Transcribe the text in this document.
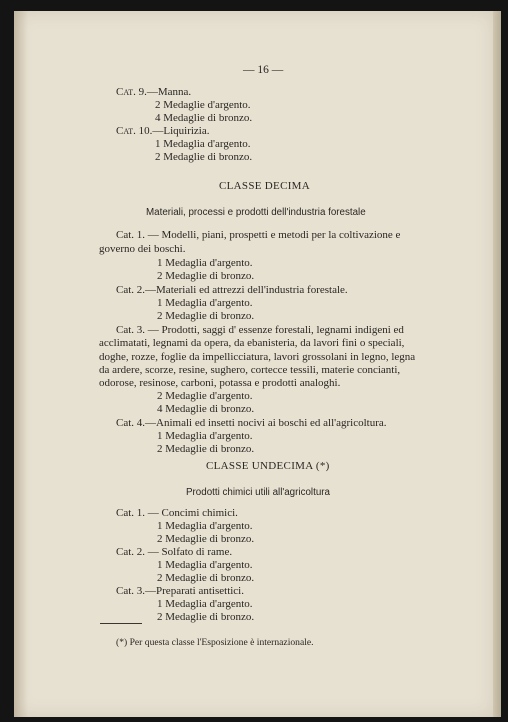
— 16 —
Cat. 9.—Manna.
2 Medaglie d'argento.
4 Medaglie di bronzo.
Cat. 10.—Liquirizia.
1 Medaglia d'argento.
2 Medaglie di bronzo.
CLASSE DECIMA
Materiali, processi e prodotti dell'industria forestale
Cat. 1. — Modelli, piani, prospetti e metodi per la coltivazione e
governo dei boschi.
1 Medaglia d'argento.
2 Medaglie di bronzo.
Cat. 2.—Materiali ed attrezzi dell'industria forestale.
1 Medaglia d'argento.
2 Medaglie di bronzo.
Cat. 3. — Prodotti, saggi d' essenze forestali, legnami indigeni ed
acclimatati, legnami da opera, da ebanisteria, da lavori fini o speciali,
doghe, rozze, foglie da impellicciatura, lavori grossolani in legno, legna
da ardere, scorze, resine, sughero, cortecce tessili, materie concianti,
odorose, resinose, carboni, potassa e prodotti analoghi.
2 Medaglie d'argento.
4 Medaglie di bronzo.
Cat. 4.—Animali ed insetti nocivi ai boschi ed all'agricoltura.
1 Medaglia d'argento.
2 Medaglie di bronzo.
CLASSE UNDECIMA (*)
Prodotti chimici utili all'agricoltura
Cat. 1. — Concimi chimici.
1 Medaglia d'argento.
2 Medaglie di bronzo.
Cat. 2. — Solfato di rame.
1 Medaglia d'argento.
2 Medaglie di bronzo.
Cat. 3.—Preparati antisettici.
1 Medaglia d'argento.
2 Medaglie di bronzo.
(*) Per questa classe l'Esposizione è internazionale.
